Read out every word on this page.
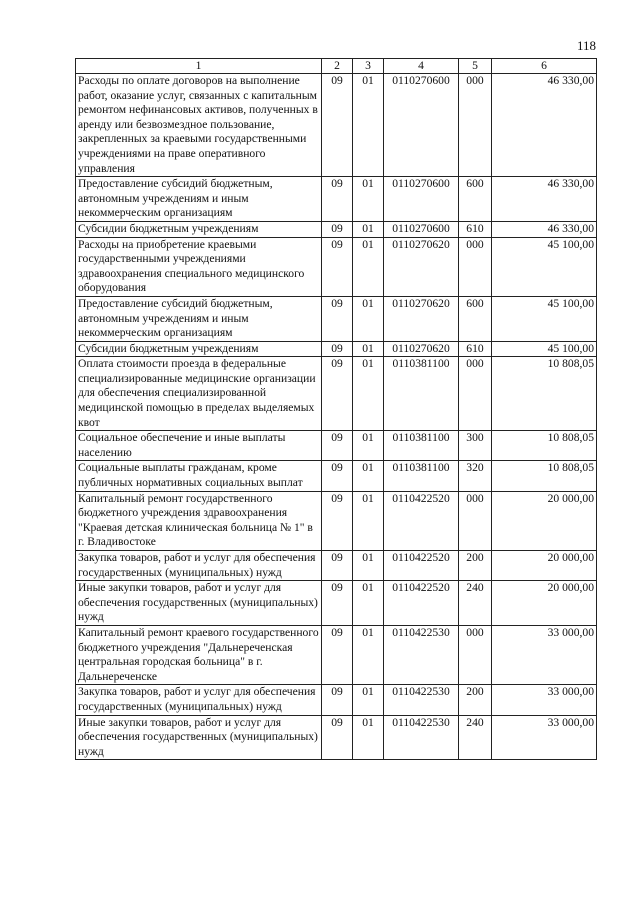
118
1	2	3	4	5	6
Расходы по оплате договоров на выполнение работ, оказание услуг, связанных с капитальным ремонтом нефинансовых активов, полученных в аренду или безвозмездное пользование, закрепленных за краевыми государственными учреждениями на праве оперативного управления	09	01	0110270600	000	46 330,00
Предоставление субсидий бюджетным, автономным учреждениям и иным некоммерческим организациям	09	01	0110270600	600	46 330,00
Субсидии бюджетным учреждениям	09	01	0110270600	610	46 330,00
Расходы на приобретение краевыми государственными учреждениями здравоохранения специального медицинского оборудования	09	01	0110270620	000	45 100,00
Предоставление субсидий бюджетным, автономным учреждениям и иным некоммерческим организациям	09	01	0110270620	600	45 100,00
Субсидии бюджетным учреждениям	09	01	0110270620	610	45 100,00
Оплата стоимости проезда в федеральные специализированные медицинские организации для обеспечения специализированной медицинской помощью в пределах выделяемых квот	09	01	0110381100	000	10 808,05
Социальное обеспечение и иные выплаты населению	09	01	0110381100	300	10 808,05
Социальные выплаты гражданам, кроме публичных нормативных социальных выплат	09	01	0110381100	320	10 808,05
Капитальный ремонт государственного бюджетного учреждения здравоохранения "Краевая детская клиническая больница № 1" в г. Владивостоке	09	01	0110422520	000	20 000,00
Закупка товаров, работ и услуг для обеспечения государственных (муниципальных) нужд	09	01	0110422520	200	20 000,00
Иные закупки товаров, работ и услуг для обеспечения государственных (муниципальных) нужд	09	01	0110422520	240	20 000,00
Капитальный ремонт краевого государственного бюджетного учреждения "Дальнереченская центральная городская больница" в г. Дальнереченске	09	01	0110422530	000	33 000,00
Закупка товаров, работ и услуг для обеспечения государственных (муниципальных) нужд	09	01	0110422530	200	33 000,00
Иные закупки товаров, работ и услуг для обеспечения государственных (муниципальных) нужд	09	01	0110422530	240	33 000,00
